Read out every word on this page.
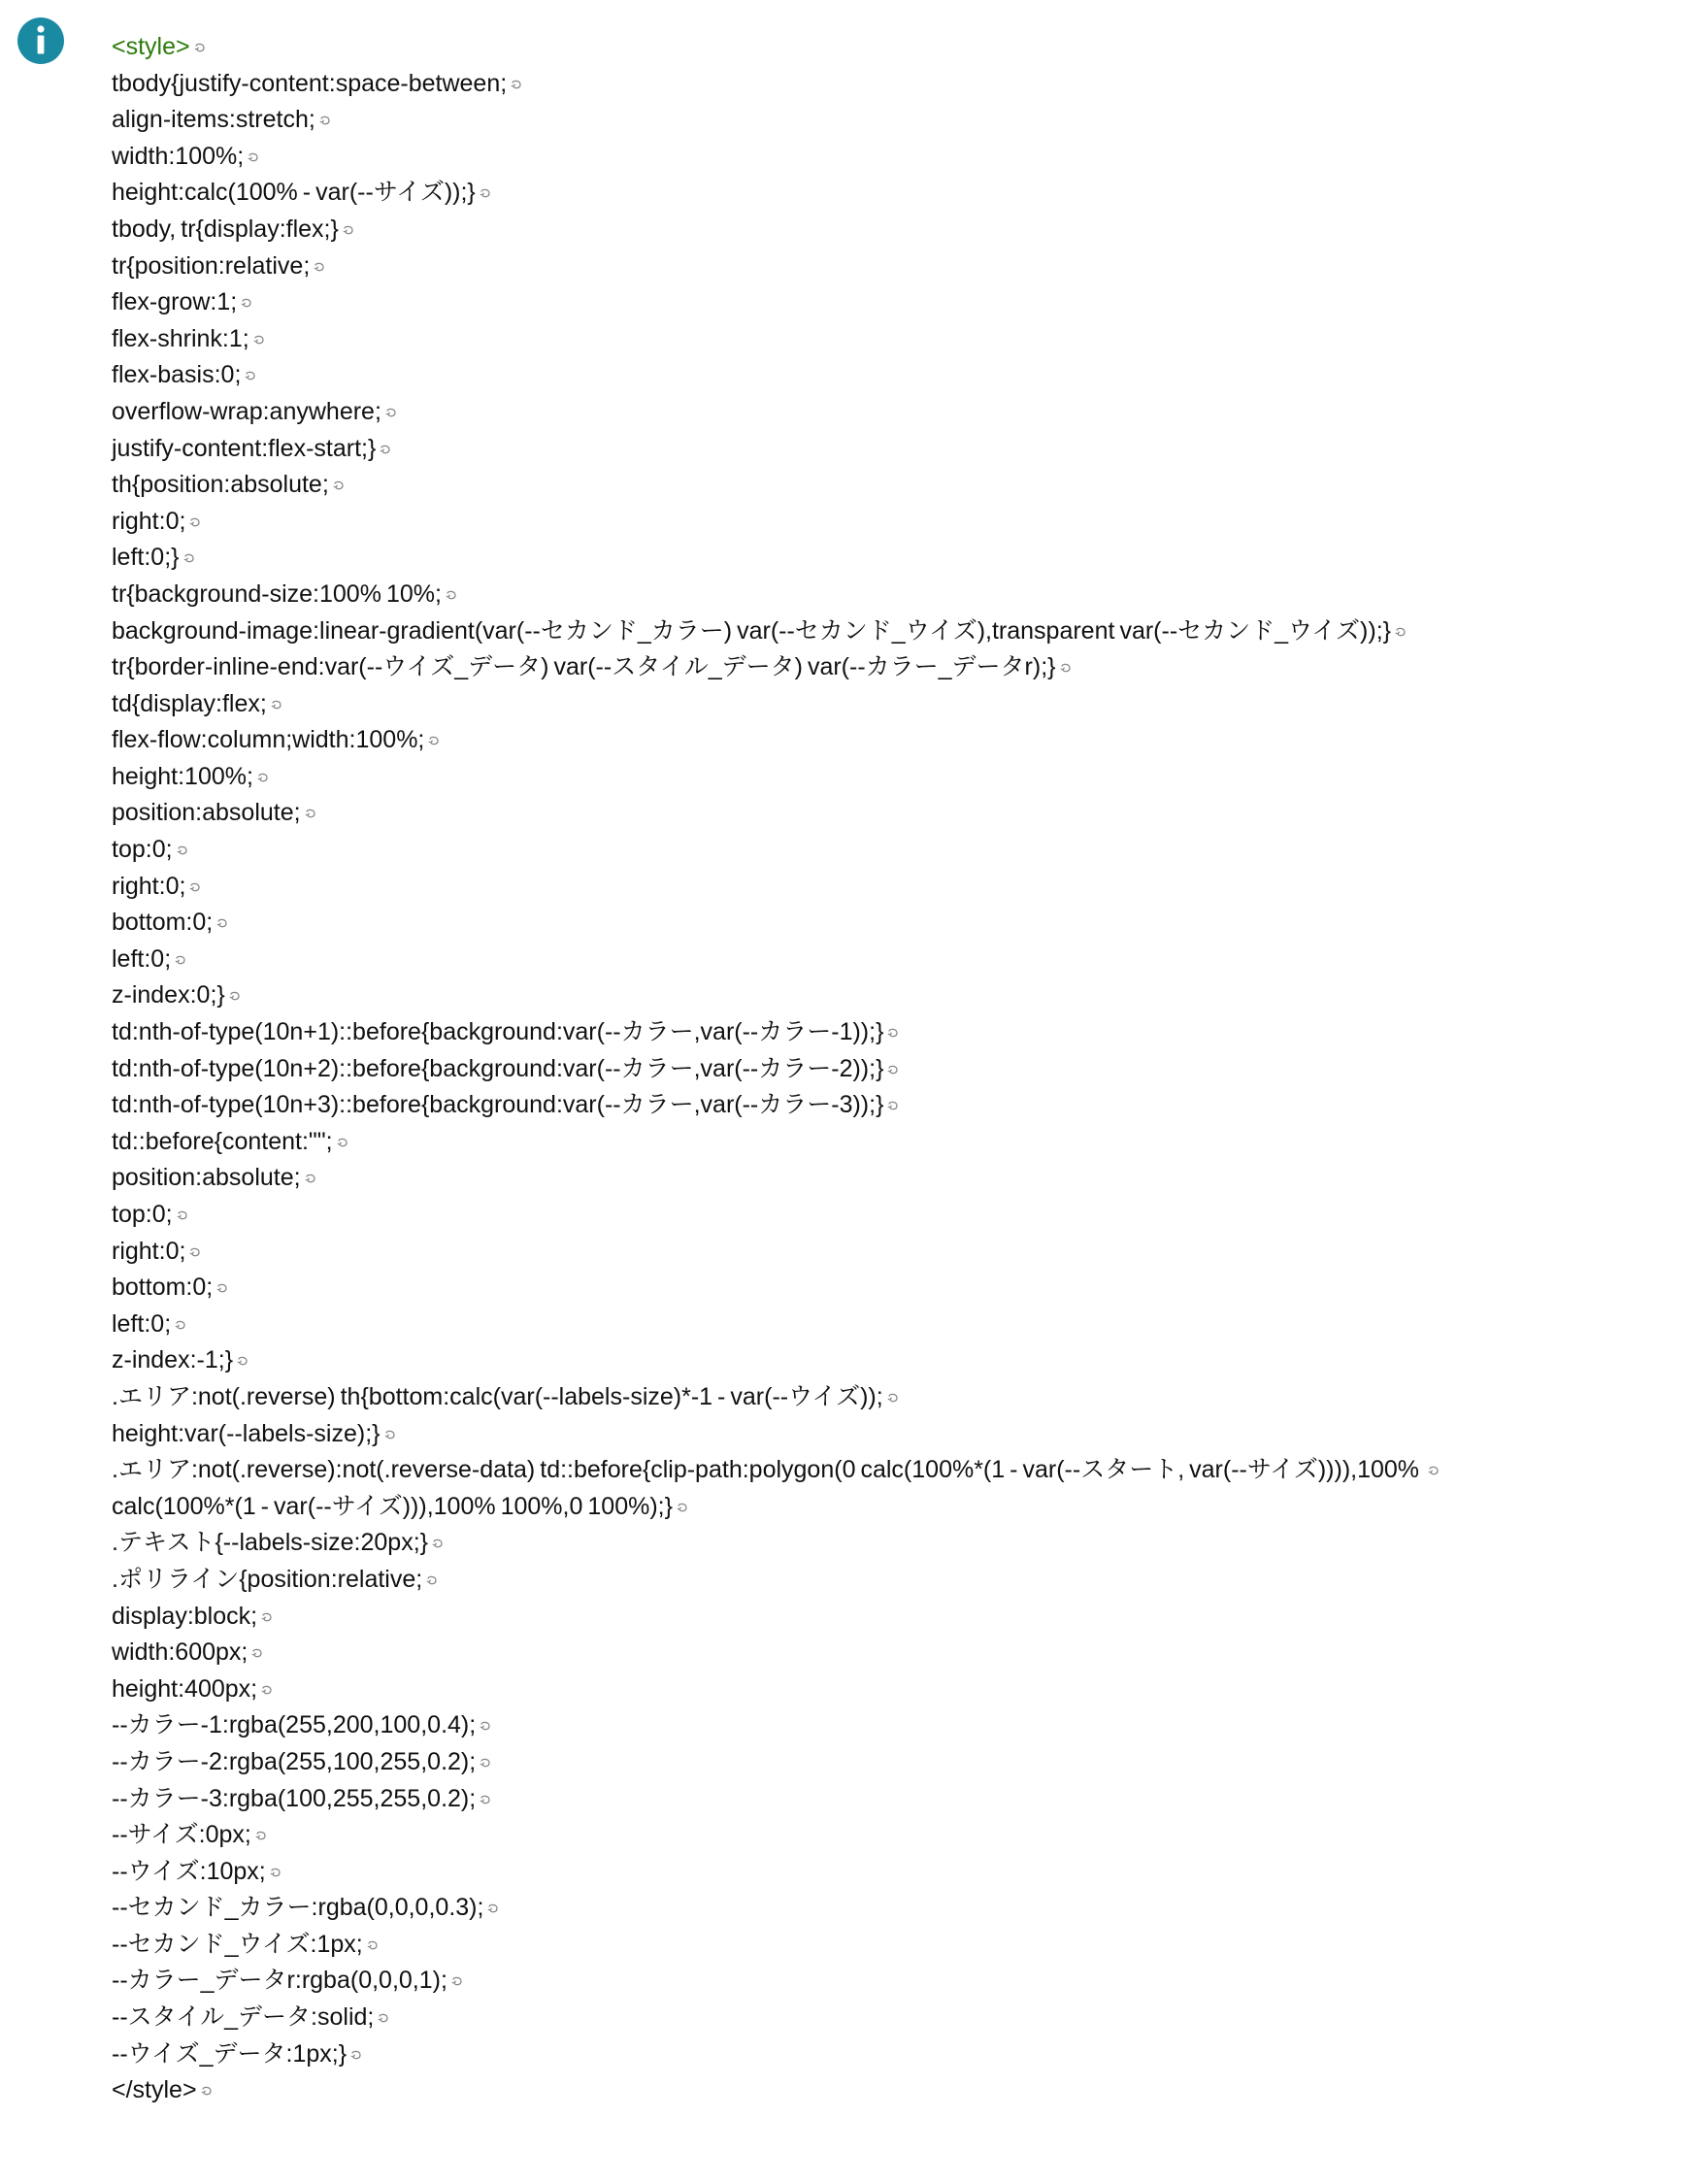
<style>
tbody{justify-content:space-between;
align-items:stretch;
width:100%;
height:calc(100% - var(--サイズ));}
tbody, tr{display:flex;}
tr{position:relative;
flex-grow:1;
flex-shrink:1;
flex-basis:0;
overflow-wrap:anywhere;
justify-content:flex-start;}
th{position:absolute;
right:0;
left:0;}
tr{background-size:100% 10%;
background-image:linear-gradient(var(--セカンド_カラー) var(--セカンド_ウイズ),transparent var(--セカンド_ウイズ));}
tr{border-inline-end:var(--ウイズ_データ) var(--スタイル_データ) var(--カラー_データr);}
td{display:flex;
flex-flow:column;width:100%;
height:100%;
position:absolute;
top:0;
right:0;
bottom:0;
left:0;
z-index:0;}
td:nth-of-type(10n+1)::before{background:var(--カラー,var(--カラー-1));}
td:nth-of-type(10n+2)::before{background:var(--カラー,var(--カラー-2));}
td:nth-of-type(10n+3)::before{background:var(--カラー,var(--カラー-3));}
td::before{content:"";
position:absolute;
top:0;
right:0;
bottom:0;
left:0;
z-index:-1;}
.エリア:not(.reverse) th{bottom:calc(var(--labels-size)*-1 - var(--ウイズ));
height:var(--labels-size);}
.エリア:not(.reverse):not(.reverse-data) td::before{clip-path:polygon(0 calc(100%*(1 - var(--スタート, var(--サイズ)))),100% 
calc(100%*(1 - var(--サイズ))),100% 100%,0 100%);}
.テキスト{--labels-size:20px;}
.ポリライン{position:relative;
display:block;
width:600px;
height:400px;
--カラー-1:rgba(255,200,100,0.4);
--カラー-2:rgba(255,100,255,0.2);
--カラー-3:rgba(100,255,255,0.2);
--サイズ:0px;
--ウイズ:10px;
--セカンド_カラー:rgba(0,0,0,0.3);
--セカンド_ウイズ:1px;
--カラー_データr:rgba(0,0,0,1);
--スタイル_データ:solid;
--ウイズ_データ:1px;}
</style>
